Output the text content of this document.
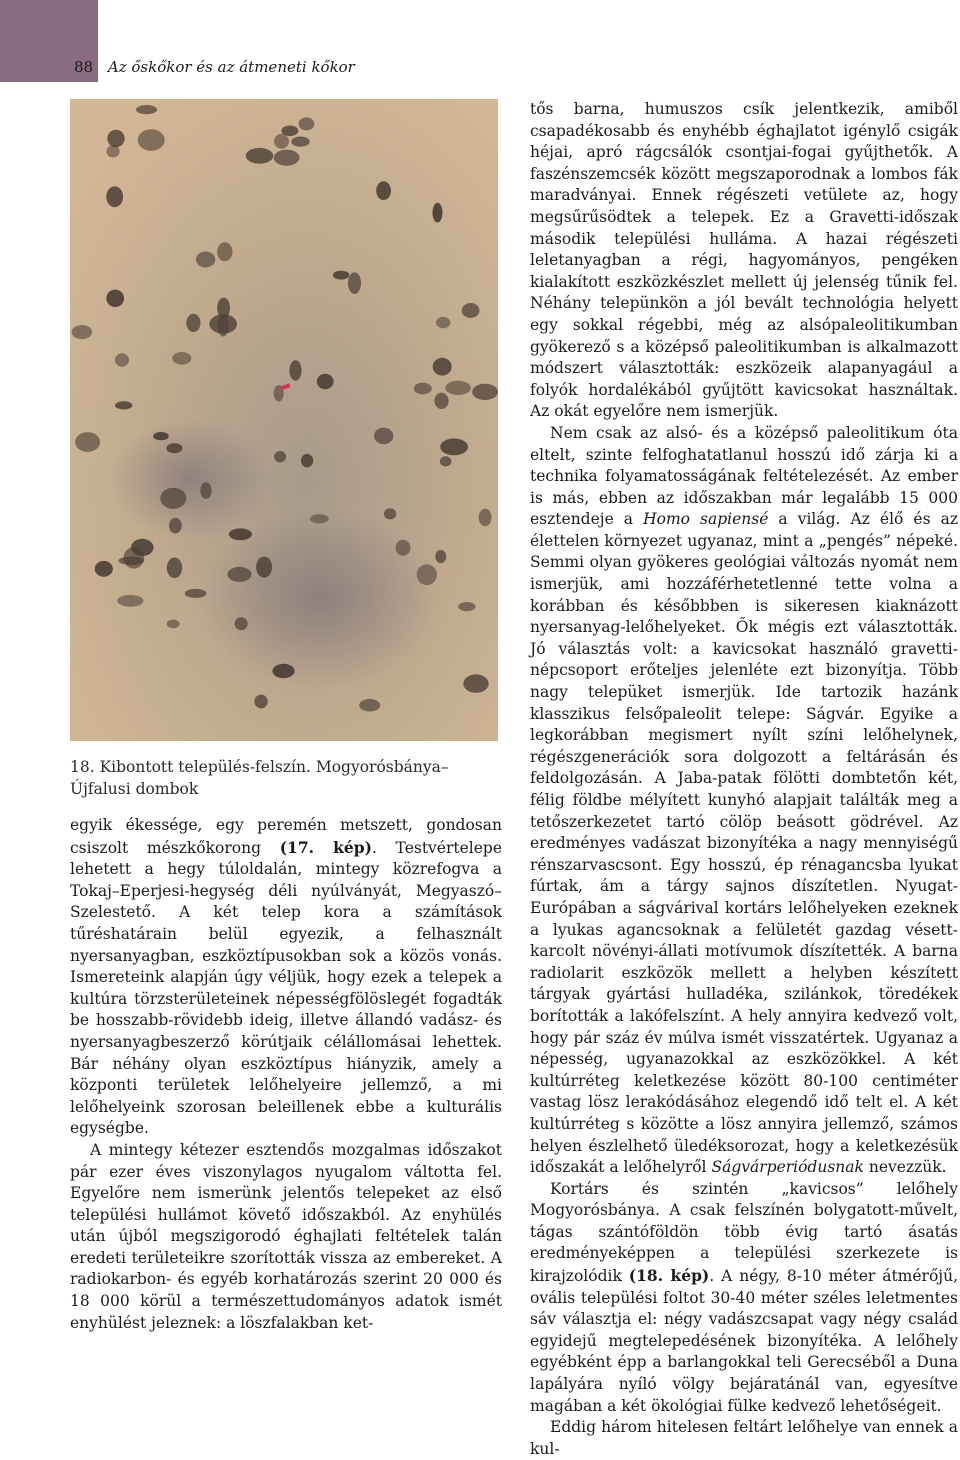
88 Az őskőkor és az átmeneti kőkor
18. Kibontott település-felszín. Mogyorósbánya–Újfalusi dombok

egyik ékessége, egy peremén metszett, gondosan csiszolt mészkőkorong (17. kép). Testvértelepe lehetett a hegy túloldalán, mintegy közrefogva a Tokaj–Eperjesi-hegység déli nyúlványát, Megyaszó–Szelestető. A két telep kora a számítások tűréshatárain belül egyezik, a felhasznált nyersanyagban, eszköztípusokban sok a közös vonás. Ismereteink alapján úgy véljük, hogy ezek a telepek a kultúra törzsterületeinek népességfölöslegét fogadták be hosszabb-rövidebb ideig, illetve állandó vadász- és nyersanyagbeszerző körútjaik célállomásai lehettek. Bár néhány olyan eszköztípus hiányzik, amely a központi területek lelőhelyeire jellemző, a mi lelőhelyeink szorosan beleillenek ebbe a kulturális egységbe.

A mintegy kétezer esztendős mozgalmas időszakot pár ezer éves viszonylagos nyugalom váltotta fel. Egyelőre nem ismerünk jelentős telepeket az első települési hullámot követő időszakból. Az enyhülés után újból megszigorodó éghajlati feltételek talán eredeti területeikre szorították vissza az embereket. A radiokarbon- és egyéb korhatározás szerint 20 000 és 18 000 körül a természettudományos adatok ismét enyhülést jeleznek: a löszfalakban ket-

tős barna, humuszos csík jelentkezik, amiből csapadékosabb és enyhébb éghajlatot igénylő csigák héjai, apró rágcsálók csontjai-fogai gyűjthetők. A faszénszemcsék között megszaporodnak a lombos fák maradványai. Ennek régészeti vetülete az, hogy megsűrűsödtek a telepek. Ez a Gravetti-időszak második települési hulláma. A hazai régészeti leletanyagban a régi, hagyományos, pengéken kialakított eszközkészlet mellett új jelenség tűnik fel. Néhány telepünkön a jól bevált technológia helyett egy sokkal régebbi, még az alsópaleolitikumban gyökerező s a középső paleolitikumban is alkalmazott módszert választották: eszközeik alapanyagául a folyók hordalékából gyűjtött kavicsokat használtak. Az okát egyelőre nem ismerjük.

Nem csak az alsó- és a középső paleolitikum óta eltelt, szinte felfoghatatlanul hosszú idő zárja ki a technika folyamatosságának feltételezését. Az ember is más, ebben az időszakban már legalább 15 000 esztendeje a Homo sapiensé a világ. Az élő és az élettelen környezet ugyanaz, mint a „pengés” népeké. Semmi olyan gyökeres geológiai változás nyomát nem ismerjük, ami hozzáférhetetlenné tette volna a korábban és későbbben is sikeresen kiaknázott nyersanyag-lelőhelyeket. Ők mégis ezt választották. Jó választás volt: a kavicsokat használó gravetti-népcsoport erőteljes jelenléte ezt bizonyítja. Több nagy telepüket ismerjük. Ide tartozik hazánk klasszikus felsőpaleolit telepe: Ságvár. Egyike a legkorábban megismert nyílt színi lelőhelynek, régészgenerációk sora dolgozott a feltárásán és feldolgozásán. A Jaba-patak fölötti dombtetőn két, félig földbe mélyített kunyhó alapjait találták meg a tetőszerkezetet tartó cölöp beásott gödrével. Az eredményes vadászat bizonyítéka a nagy mennyiségű rénszarvascsont. Egy hosszú, ép rénagancsba lyukat fúrtak, ám a tárgy sajnos díszítetlen. Nyugat-Európában a ságvárival kortárs lelőhelyeken ezeknek a lyukas agancsoknak a felületét gazdag vésett-karcolt növényi-állati motívumok díszítették. A barna radiolarit eszközök mellett a helyben készített tárgyak gyártási hulladéka, szilánkok, töredékek borították a lakófelszínt. A hely annyira kedvező volt, hogy pár száz év múlva ismét visszatértek. Ugyanaz a népesség, ugyanazokkal az eszközökkel. A két kultúrréteg keletkezése között 80-100 centiméter vastag lösz lerakódásához elegendő idő telt el. A két kultúrréteg s közötte a lösz annyira jellemző, számos helyen észlelhető üledéksorozat, hogy a keletkezésük időszakát a lelőhelyről Ságvárperiódusnak nevezzük.

Kortárs és szintén „kavicsos” lelőhely Mogyorósbánya. A csak felszínén bolygatott-művelt, tágas szántóföldön több évig tartó ásatás eredményeképpen a települési szerkezete is kirajzolódik (18. kép). A négy, 8-10 méter átmérőjű, ovális települési foltot 30-40 méter széles leletmentes sáv választja el: négy vadászcsapat vagy négy család egyidejű megtelepedésének bizonyítéka. A lelőhely egyébként épp a barlangokkal teli Gerecséből a Duna lapályára nyíló völgy bejáratánál van, egyesítve magában a két ökológiai fülke kedvező lehetőségeit.

Eddig három hitelesen feltárt lelőhelye van ennek a kul-
